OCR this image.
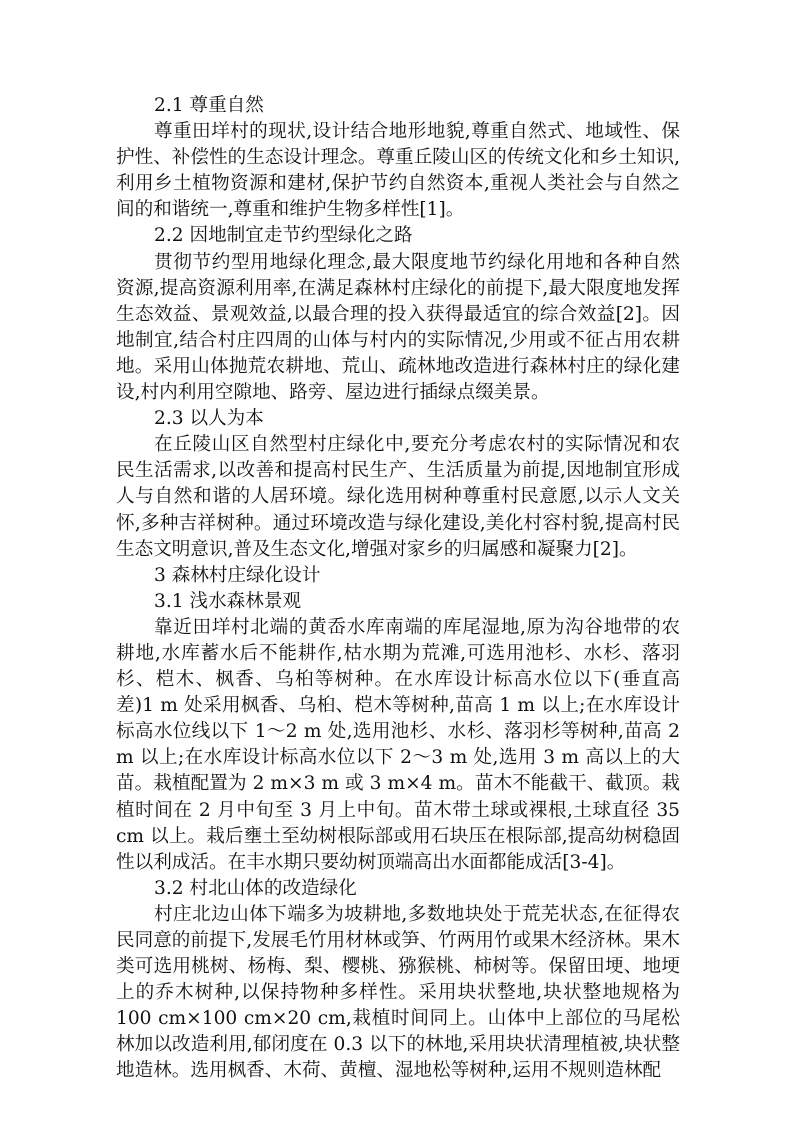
2.1 尊重自然

尊重田垟村的现状,设计结合地形地貌,尊重自然式、地域性、保护性、补偿性的生态设计理念。尊重丘陵山区的传统文化和乡土知识,利用乡土植物资源和建材,保护节约自然资本,重视人类社会与自然之间的和谐统一,尊重和维护生物多样性[1]。

2.2 因地制宜走节约型绿化之路

贯彻节约型用地绿化理念,最大限度地节约绿化用地和各种自然资源,提高资源利用率,在满足森林村庄绿化的前提下,最大限度地发挥生态效益、景观效益,以最合理的投入获得最适宜的综合效益[2]。因地制宜,结合村庄四周的山体与村内的实际情况,少用或不征占用农耕地。采用山体抛荒农耕地、荒山、疏林地改造进行森林村庄的绿化建设,村内利用空隙地、路旁、屋边进行插绿点缀美景。

2.3 以人为本

在丘陵山区自然型村庄绿化中,要充分考虑农村的实际情况和农民生活需求,以改善和提高村民生产、生活质量为前提,因地制宜形成人与自然和谐的人居环境。绿化选用树种尊重村民意愿,以示人文关怀,多种吉祥树种。通过环境改造与绿化建设,美化村容村貌,提高村民生态文明意识,普及生态文化,增强对家乡的归属感和凝聚力[2]。

3 森林村庄绿化设计

3.1 浅水森林景观

靠近田垟村北端的黄岙水库南端的库尾湿地,原为沟谷地带的农耕地,水库蓄水后不能耕作,枯水期为荒滩,可选用池杉、水杉、落羽杉、桤木、枫香、乌桕等树种。在水库设计标高水位以下(垂直高差)1 m 处采用枫香、乌桕、桤木等树种,苗高 1 m 以上;在水库设计标高水位线以下 1～2 m 处,选用池杉、水杉、落羽杉等树种,苗高 2 m 以上;在水库设计标高水位以下 2～3 m 处,选用 3 m 高以上的大苗。栽植配置为 2 m×3 m 或 3 m×4 m。苗木不能截干、截顶。栽植时间在 2 月中旬至 3 月上中旬。苗木带土球或裸根,土球直径 35 cm 以上。栽后壅土至幼树根际部或用石块压在根际部,提高幼树稳固性以利成活。在丰水期只要幼树顶端高出水面都能成活[3-4]。

3.2 村北山体的改造绿化

村庄北边山体下端多为坡耕地,多数地块处于荒芜状态,在征得农民同意的前提下,发展毛竹用材林或笋、竹两用竹或果木经济林。果木类可选用桃树、杨梅、梨、樱桃、猕猴桃、柿树等。保留田埂、地埂上的乔木树种,以保持物种多样性。采用块状整地,块状整地规格为 100 cm×100 cm×20 cm,栽植时间同上。山体中上部位的马尾松林加以改造利用,郁闭度在 0.3 以下的林地,采用块状清理植被,块状整地造林。选用枫香、木荷、黄檀、湿地松等树种,运用不规则造林配
